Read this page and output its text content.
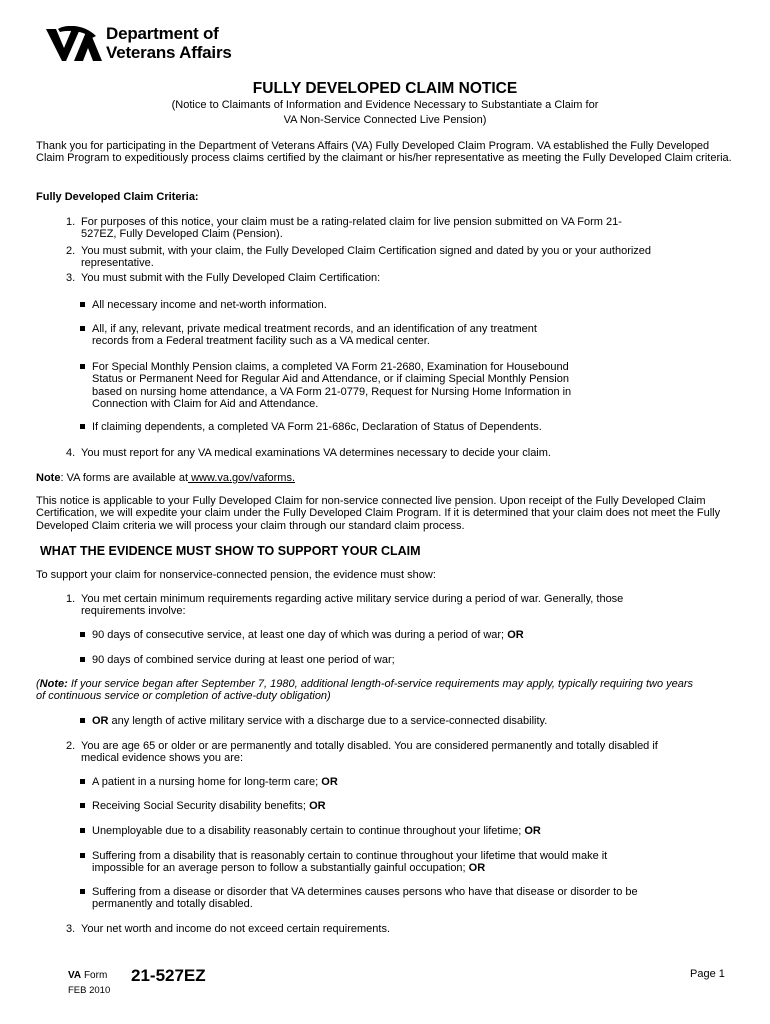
Department of
Veterans Affairs
FULLY DEVELOPED CLAIM NOTICE
(Notice to Claimants of Information and Evidence Necessary to Substantiate a Claim for
VA Non-Service Connected Live Pension)
Thank you for participating in the Department of Veterans Affairs (VA) Fully Developed Claim Program. VA established the Fully Developed Claim Program to expeditiously process claims certified by the claimant or his/her representative as meeting the Fully Developed Claim criteria.
Fully Developed Claim Criteria:
1. For purposes of this notice, your claim must be a rating-related claim for live pension submitted on VA Form 21-527EZ, Fully Developed Claim (Pension).
2. You must submit, with your claim, the Fully Developed Claim Certification signed and dated by you or your authorized representative.
3. You must submit with the Fully Developed Claim Certification:
All necessary income and net-worth information.
All, if any, relevant, private medical treatment records, and an identification of any treatment records from a Federal treatment facility such as a VA medical center.
For Special Monthly Pension claims, a completed VA Form 21-2680, Examination for Housebound Status or Permanent Need for Regular Aid and Attendance, or if claiming Special Monthly Pension based on nursing home attendance, a VA Form 21-0779, Request for Nursing Home Information in Connection with Claim for Aid and Attendance.
If claiming dependents, a completed VA Form 21-686c, Declaration of Status of Dependents.
4. You must report for any VA medical examinations VA determines necessary to decide your claim.
Note: VA forms are available at www.va.gov/vaforms.
This notice is applicable to your Fully Developed Claim for non-service connected live pension. Upon receipt of the Fully Developed Claim Certification, we will expedite your claim under the Fully Developed Claim Program. If it is determined that your claim does not meet the Fully Developed Claim criteria we will process your claim through our standard claim process.
WHAT THE EVIDENCE MUST SHOW TO SUPPORT YOUR CLAIM
To support your claim for nonservice-connected pension, the evidence must show:
1. You met certain minimum requirements regarding active military service during a period of war. Generally, those requirements involve:
90 days of consecutive service, at least one day of which was during a period of war; OR
90 days of combined service during at least one period of war;
(Note: If your service began after September 7, 1980, additional length-of-service requirements may apply, typically requiring two years of continuous service or completion of active-duty obligation)
OR any length of active military service with a discharge due to a service-connected disability.
2. You are age 65 or older or are permanently and totally disabled. You are considered permanently and totally disabled if medical evidence shows you are:
A patient in a nursing home for long-term care; OR
Receiving Social Security disability benefits; OR
Unemployable due to a disability reasonably certain to continue throughout your lifetime; OR
Suffering from a disability that is reasonably certain to continue throughout your lifetime that would make it impossible for an average person to follow a substantially gainful occupation; OR
Suffering from a disease or disorder that VA determines causes persons who have that disease or disorder to be permanently and totally disabled.
3. Your net worth and income do not exceed certain requirements.
VA Form
FEB 2010
21-527EZ	Page 1
